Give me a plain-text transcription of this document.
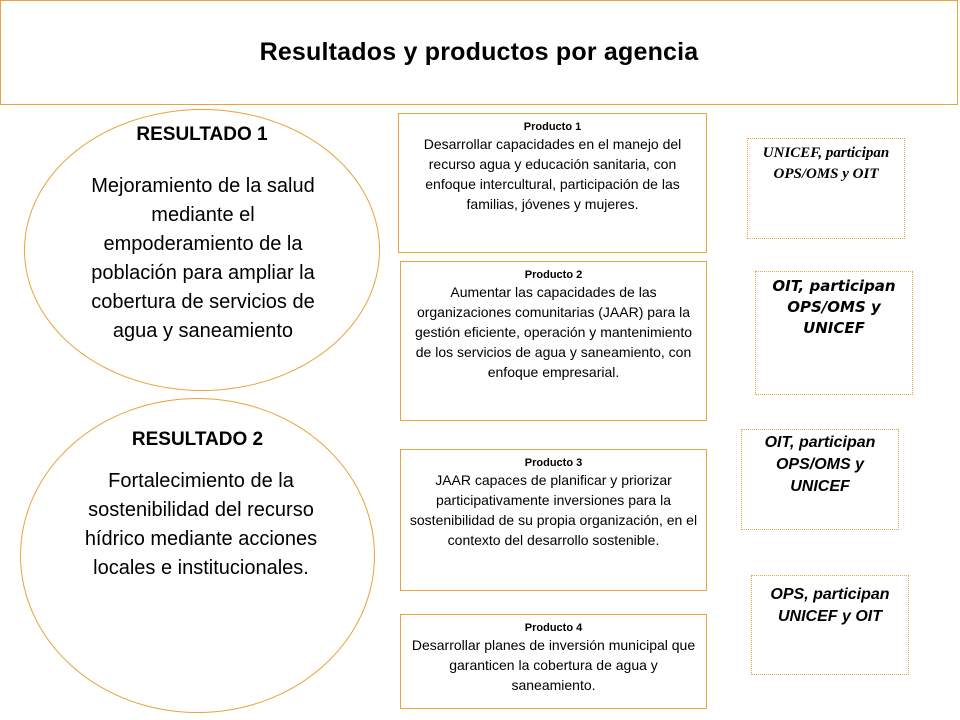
Resultados y productos por agencia
RESULTADO 1
Mejoramiento de la salud mediante el empoderamiento de la población para ampliar la cobertura de servicios de agua y saneamiento
RESULTADO 2
Fortalecimiento de la sostenibilidad del recurso hídrico mediante acciones locales e institucionales.
Producto 1
Desarrollar capacidades en el manejo del recurso agua y educación sanitaria, con enfoque intercultural, participación de las familias, jóvenes y mujeres.
Producto 2
Aumentar las capacidades de las organizaciones comunitarias (JAAR) para la gestión eficiente, operación y mantenimiento de los servicios de agua y saneamiento, con enfoque empresarial.
Producto 3
JAAR capaces de planificar y priorizar participativamente inversiones para la sostenibilidad de su propia organización, en el contexto del desarrollo sostenible.
Producto 4
Desarrollar planes de inversión municipal que garanticen la cobertura de agua y saneamiento.
UNICEF, participan OPS/OMS y OIT
OIT, participan OPS/OMS y UNICEF
OIT, participan OPS/OMS y UNICEF
OPS, participan UNICEF y OIT
